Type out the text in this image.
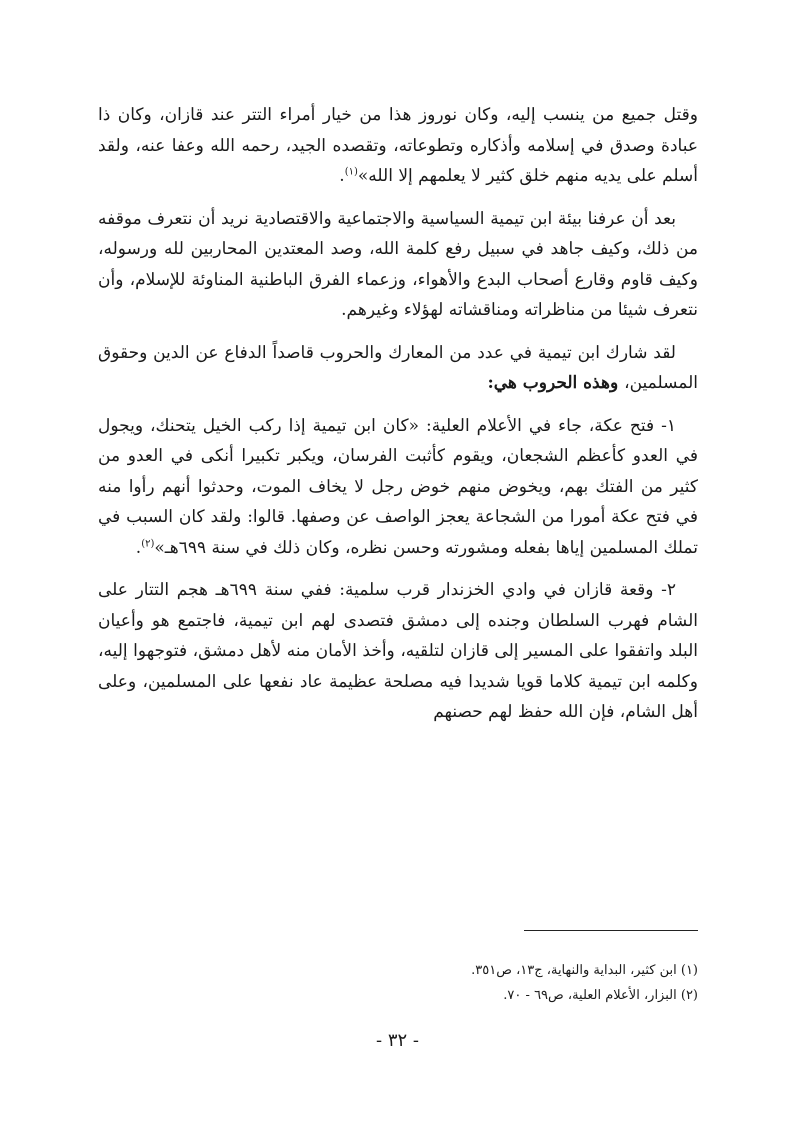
وقتل جميع من ينسب إليه، وكان نوروز هذا من خيار أمراء التتر عند قازان، وكان ذا عبادة وصدق في إسلامه وأذكاره وتطوعاته، وتقصده الجيد، رحمه الله وعفا عنه، ولقد أسلم على يديه منهم خلق كثير لا يعلمهم إلا الله»$^{(١)}$.

بعد أن عرفنا بيئة ابن تيمية السياسية والاجتماعية والاقتصادية نريد أن نتعرف موقفه من ذلك، وكيف جاهد في سبيل رفع كلمة الله، وصد المعتدين المحاربين لله ورسوله، وكيف قاوم وقارع أصحاب البدع والأهواء، وزعماء الفرق الباطنية المناوئة للإسلام، وأن نتعرف شيئا من مناظراته ومناقشاته لهؤلاء وغيرهم.

لقد شارك ابن تيمية في عدد من المعارك والحروب قاصداً الدفاع عن الدين وحقوق المسلمين، وهذه الحروب هي:

١- فتح عكة، جاء في الأعلام العلية: «كان ابن تيمية إذا ركب الخيل يتحنك، ويجول في العدو كأعظم الشجعان، ويقوم كأثبت الفرسان، ويكبر تكبيرا أنكى في العدو من كثير من الفتك بهم، ويخوض منهم خوض رجل لا يخاف الموت، وحدثوا أنهم رأوا منه في فتح عكة أمورا من الشجاعة يعجز الواصف عن وصفها. قالوا: ولقد كان السبب في تملك المسلمين إياها بفعله ومشورته وحسن نظره، وكان ذلك في سنة ٦٩٩هـ»$^{(٢)}$.

٢- وقعة قازان في وادي الخزندار قرب سلمية: ففي سنة ٦٩٩هـ هجم التتار على الشام فهرب السلطان وجنده إلى دمشق فتصدى لهم ابن تيمية، فاجتمع هو وأعيان البلد واتفقوا على المسير إلى قازان لتلقيه، وأخذ الأمان منه لأهل دمشق، فتوجهوا إليه، وكلمه ابن تيمية كلاما قويا شديدا فيه مصلحة عظيمة عاد نفعها على المسلمين، وعلى أهل الشام، فإن الله حفظ لهم حصنهم

(١) ابن كثير، البداية والنهاية، ج١٣، ص٣٥١.
(٢) البزار، الأعلام العلية، ص٦٩ - ٧٠.
- ٣٢ -
